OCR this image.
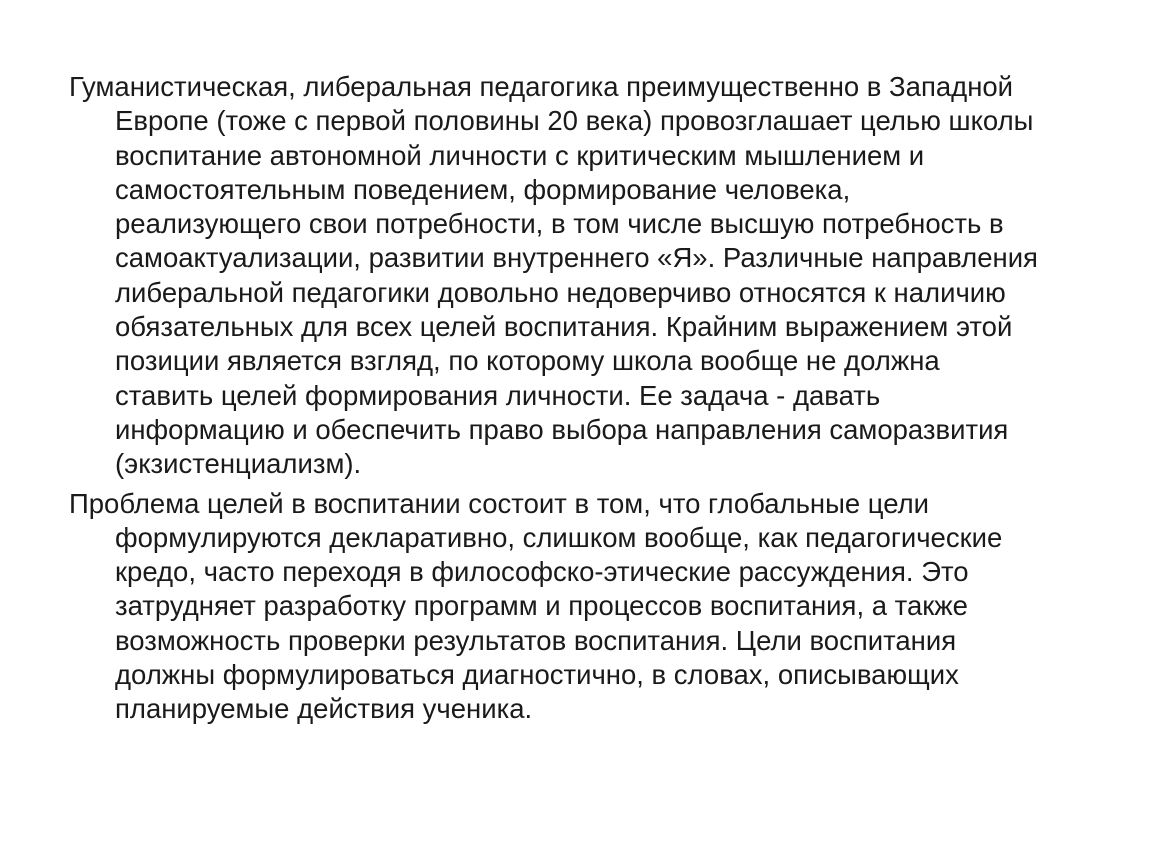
Гуманистическая, либеральная педагогика преимущественно в Западной
Европе (тоже с первой половины 20 века) провозглашает целью школы
воспитание автономной личности с критическим мышлением и
самостоятельным поведением, формирование человека,
реализующего свои потребности, в том числе высшую потребность в
самоактуализации, развитии внутреннего «Я». Различные направления
либеральной педагогики довольно недоверчиво относятся к наличию
обязательных для всех целей воспитания. Крайним выражением этой
позиции является взгляд, по которому школа вообще не должна
ставить целей формирования личности. Ее задача - давать
информацию и обеспечить право выбора направления саморазвития
(экзистенциализм).

Проблема целей в воспитании состоит в том, что глобальные цели
формулируются декларативно, слишком вообще, как педагогические
кредо, часто переходя в философско-этические рассуждения. Это
затрудняет разработку программ и процессов воспитания, а также
возможность проверки результатов воспитания. Цели воспитания
должны формулироваться диагностично, в словах, описывающих
планируемые действия ученика.
